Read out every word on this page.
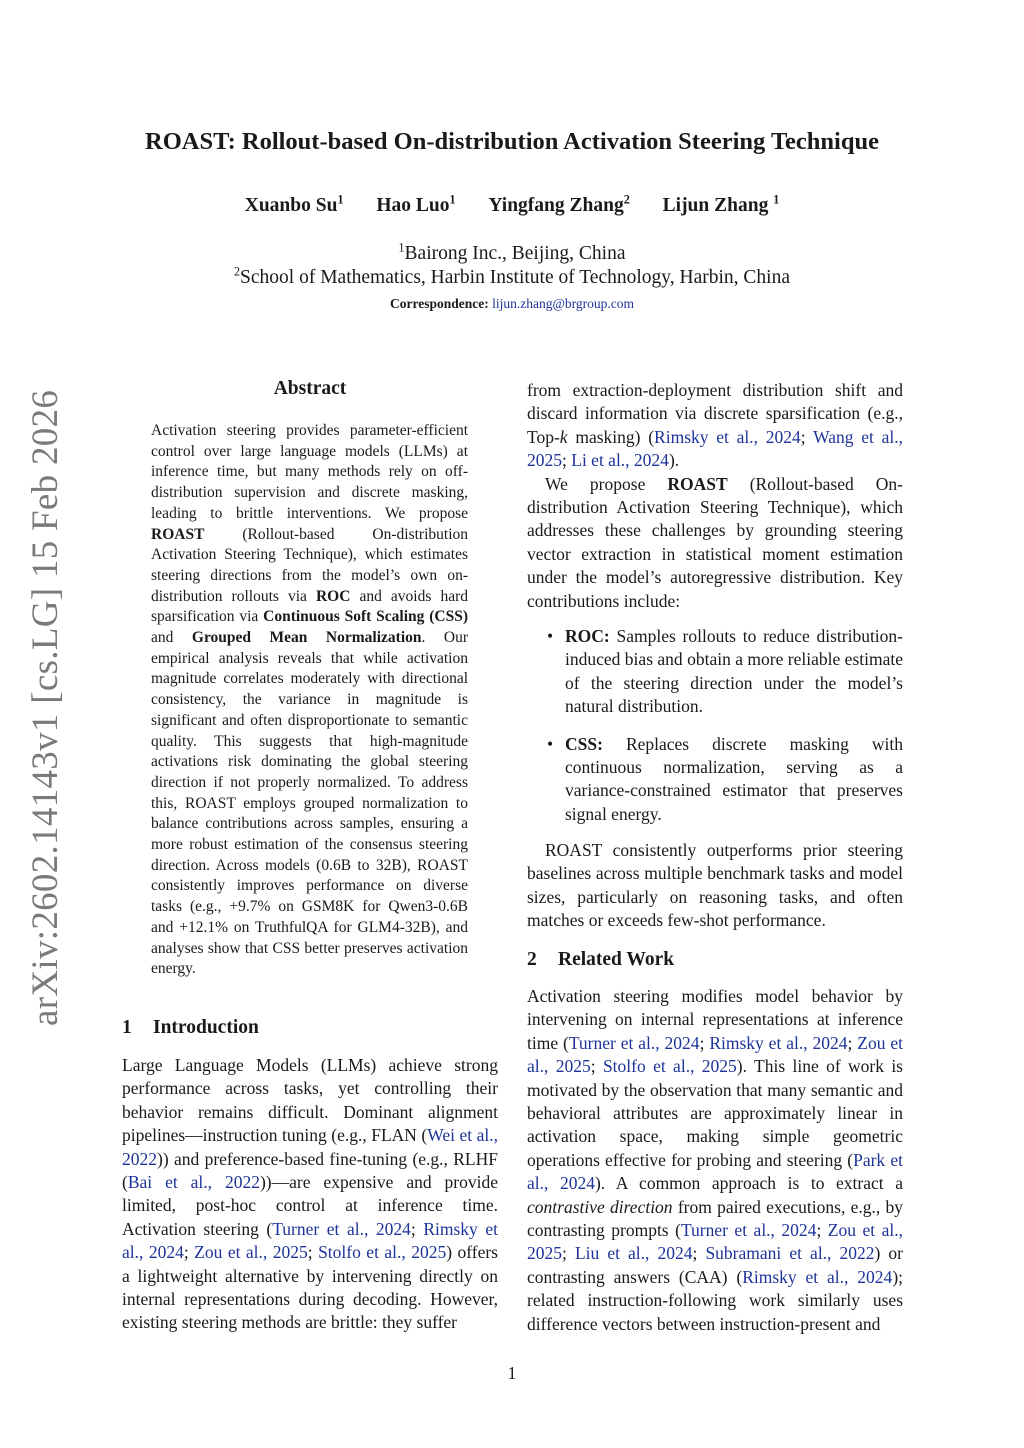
arXiv:2602.14143v1 [cs.LG] 15 Feb 2026
ROAST: Rollout-based On-distribution Activation Steering Technique
Xuanbo Su$^1$ Hao Luo$^1$ Yingfang Zhang$^2$ Lijun Zhang $^1$
$^1$Bairong Inc., Beijing, China
$^2$School of Mathematics, Harbin Institute of Technology, Harbin, China
Correspondence: lijun.zhang@brgroup.com
Abstract

Activation steering provides parameter-efficient control over large language models (LLMs) at inference time, but many methods rely on off-distribution supervision and discrete masking, leading to brittle interventions. We propose ROAST (Rollout-based On-distribution Activation Steering Technique), which estimates steering directions from the model’s own on-distribution rollouts via ROC and avoids hard sparsification via Continuous Soft Scaling (CSS) and Grouped Mean Normalization. Our empirical analysis reveals that while activation magnitude correlates moderately with directional consistency, the variance in magnitude is significant and often disproportionate to semantic quality. This suggests that high-magnitude activations risk dominating the global steering direction if not properly normalized. To address this, ROAST employs grouped normalization to balance contributions across samples, ensuring a more robust estimation of the consensus steering direction. Across models (0.6B to 32B), ROAST consistently improves performance on diverse tasks (e.g., +9.7% on GSM8K for Qwen3-0.6B and +12.1% on TruthfulQA for GLM4-32B), and analyses show that CSS better preserves activation energy.

1 Introduction

Large Language Models (LLMs) achieve strong performance across tasks, yet controlling their behavior remains difficult. Dominant alignment pipelines—instruction tuning (e.g., FLAN (Wei et al., 2022)) and preference-based fine-tuning (e.g., RLHF (Bai et al., 2022))—are expensive and provide limited, post-hoc control at inference time. Activation steering (Turner et al., 2024; Rimsky et al., 2024; Zou et al., 2025; Stolfo et al., 2025) offers a lightweight alternative by intervening directly on internal representations during decoding. However, existing steering methods are brittle: they suffer

from extraction-deployment distribution shift and discard information via discrete sparsification (e.g., Top-k masking) (Rimsky et al., 2024; Wang et al., 2025; Li et al., 2024).

We propose ROAST (Rollout-based On-distribution Activation Steering Technique), which addresses these challenges by grounding steering vector extraction in statistical moment estimation under the model’s autoregressive distribution. Key contributions include:

• ROC: Samples rollouts to reduce distribution-induced bias and obtain a more reliable estimate of the steering direction under the model’s natural distribution.
• CSS: Replaces discrete masking with continuous normalization, serving as a variance-constrained estimator that preserves signal energy.
ROAST consistently outperforms prior steering baselines across multiple benchmark tasks and model sizes, particularly on reasoning tasks, and often matches or exceeds few-shot performance.
2 Related Work

Activation steering modifies model behavior by intervening on internal representations at inference time (Turner et al., 2024; Rimsky et al., 2024; Zou et al., 2025; Stolfo et al., 2025). This line of work is motivated by the observation that many semantic and behavioral attributes are approximately linear in activation space, making simple geometric operations effective for probing and steering (Park et al., 2024). A common approach is to extract a contrastive direction from paired executions, e.g., by contrasting prompts (Turner et al., 2024; Zou et al., 2025; Liu et al., 2024; Subramani et al., 2022) or contrasting answers (CAA) (Rimsky et al., 2024); related instruction-following work similarly uses difference vectors between instruction-present and

1
